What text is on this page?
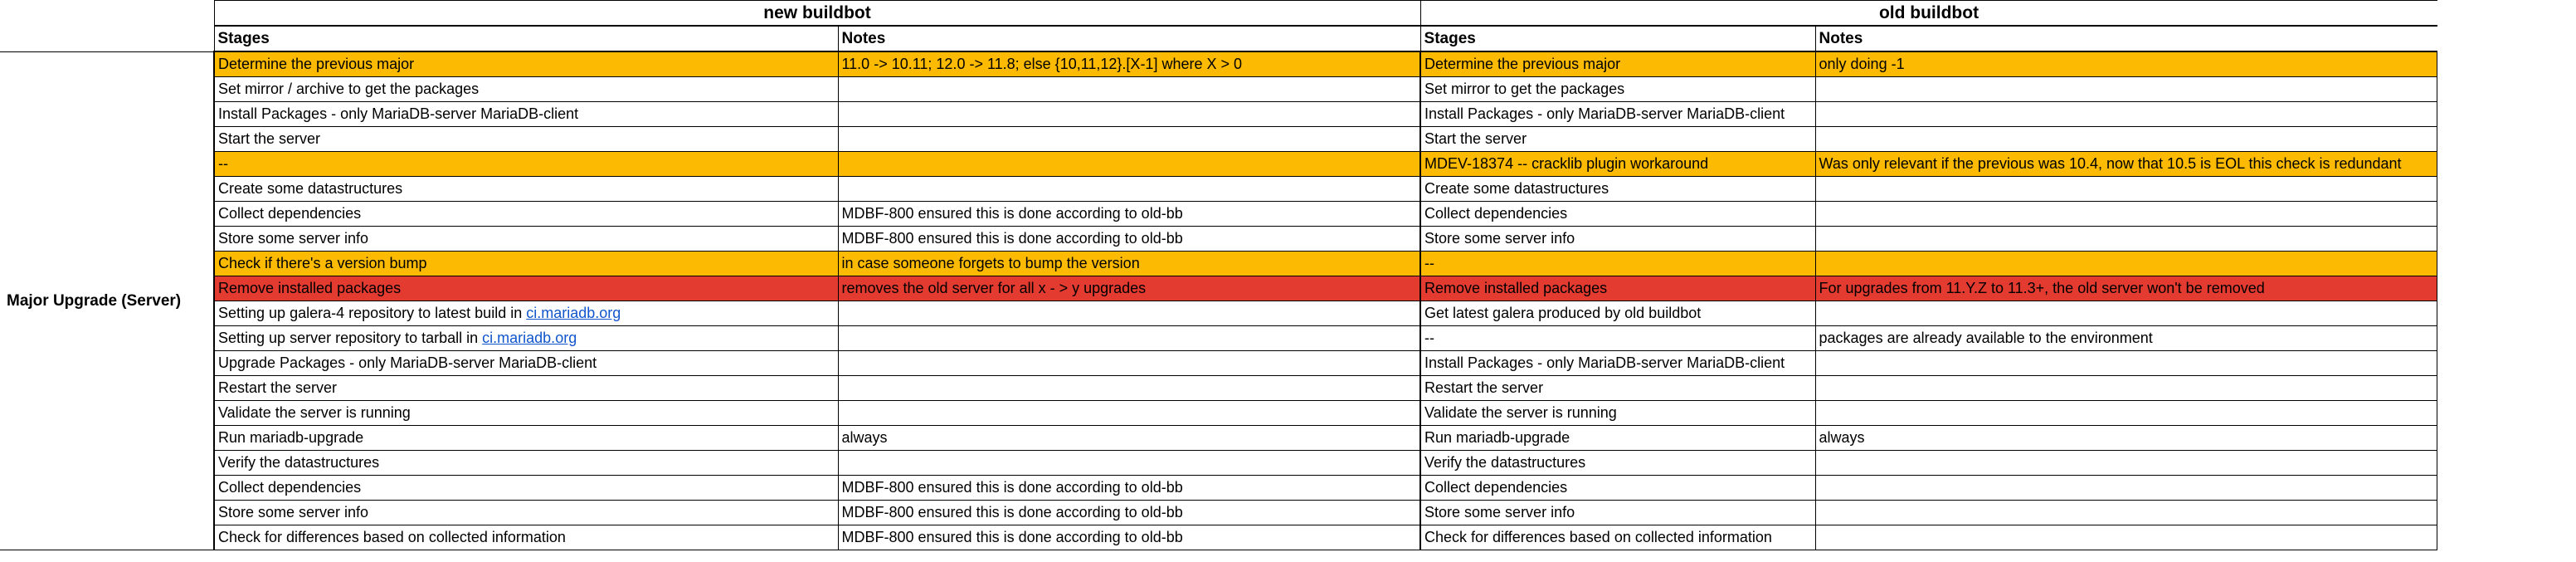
	new buildbot		old buildbot	
	Stages	Notes	Stages	Notes
Major Upgrade (Server)	Determine the previous major	11.0 -> 10.11; 12.0 -> 11.8; else {10,11,12}.[X-1] where X > 0	Determine the previous major	only doing -1
	Set mirror / archive to get the packages		Set mirror to get the packages	
	Install Packages - only MariaDB-server MariaDB-client		Install Packages - only MariaDB-server MariaDB-client	
	Start the server		Start the server	
	--		MDEV-18374 -- cracklib plugin workaround	Was only relevant if the previous was 10.4, now that 10.5 is EOL this check is redundant
	Create some datastructures		Create some datastructures	
	Collect dependencies	MDBF-800 ensured this is done according to old-bb	Collect dependencies	
	Store some server info	MDBF-800 ensured this is done according to old-bb	Store some server info	
	Check if there's a version bump	in case someone forgets to bump the version	--	
	Remove installed packages	removes the old server for all x - > y upgrades	Remove installed packages	For upgrades from 11.Y.Z to 11.3+, the old server won't be removed
	Setting up galera-4 repository to latest build in ci.mariadb.org		Get latest galera produced by old buildbot	
	Setting up server repository to tarball in ci.mariadb.org		--	packages are already available to the environment
	Upgrade Packages - only MariaDB-server MariaDB-client		Install Packages - only MariaDB-server MariaDB-client	
	Restart the server		Restart the server	
	Validate the server is running		Validate the server is running	
	Run mariadb-upgrade	always	Run mariadb-upgrade	always
	Verify the datastructures		Verify the datastructures	
	Collect dependencies	MDBF-800 ensured this is done according to old-bb	Collect dependencies	
	Store some server info	MDBF-800 ensured this is done according to old-bb	Store some server info	
	Check for differences based on collected information	MDBF-800 ensured this is done according to old-bb	Check for differences based on collected information	
